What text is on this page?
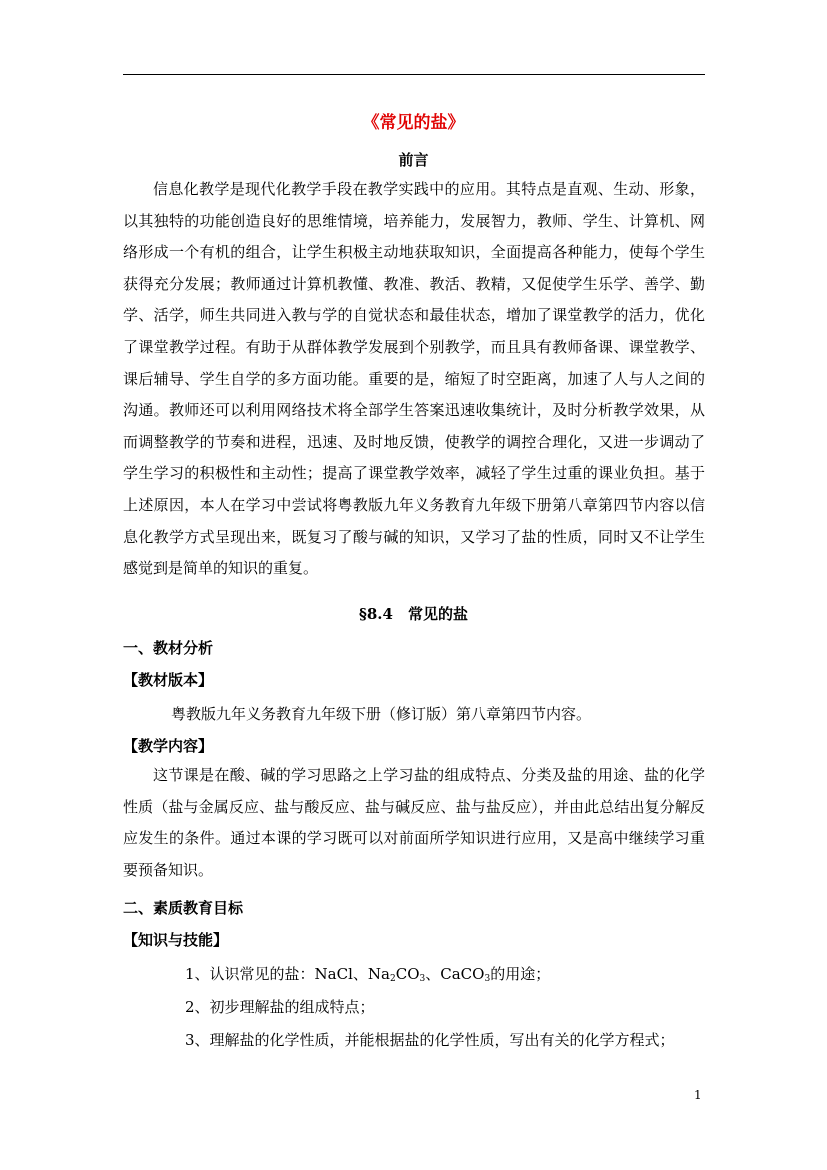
《常见的盐》
前言

信息化教学是现代化教学手段在教学实践中的应用。其特点是直观、生动、形象，以其独特的功能创造良好的思维情境，培养能力，发展智力，教师、学生、计算机、网络形成一个有机的组合，让学生积极主动地获取知识，全面提高各种能力，使每个学生获得充分发展；教师通过计算机教懂、教准、教活、教精，又促使学生乐学、善学、勤学、活学，师生共同进入教与学的自觉状态和最佳状态，增加了课堂教学的活力，优化了课堂教学过程。有助于从群体教学发展到个别教学，而且具有教师备课、课堂教学、课后辅导、学生自学的多方面功能。重要的是，缩短了时空距离，加速了人与人之间的沟通。教师还可以利用网络技术将全部学生答案迅速收集统计，及时分析教学效果，从而调整教学的节奏和进程，迅速、及时地反馈，使教学的调控合理化，又进一步调动了学生学习的积极性和主动性；提高了课堂教学效率，减轻了学生过重的课业负担。基于上述原因，本人在学习中尝试将粤教版九年义务教育九年级下册第八章第四节内容以信息化教学方式呈现出来，既复习了酸与碱的知识，又学习了盐的性质，同时又不让学生感觉到是简单的知识的重复。

§8.4　常见的盐
一、教材分析
【教材版本】
粤教版九年义务教育九年级下册（修订版）第八章第四节内容。
【教学内容】

这节课是在酸、碱的学习思路之上学习盐的组成特点、分类及盐的用途、盐的化学性质（盐与金属反应、盐与酸反应、盐与碱反应、盐与盐反应），并由此总结出复分解反应发生的条件。通过本课的学习既可以对前面所学知识进行应用，又是高中继续学习重要预备知识。

二、素质教育目标
【知识与技能】
1、认识常见的盐：NaCl、$Na_2CO_3$、CaCO$_3$的用途；
2、初步理解盐的组成特点；
3、理解盐的化学性质，并能根据盐的化学性质，写出有关的化学方程式；
1
